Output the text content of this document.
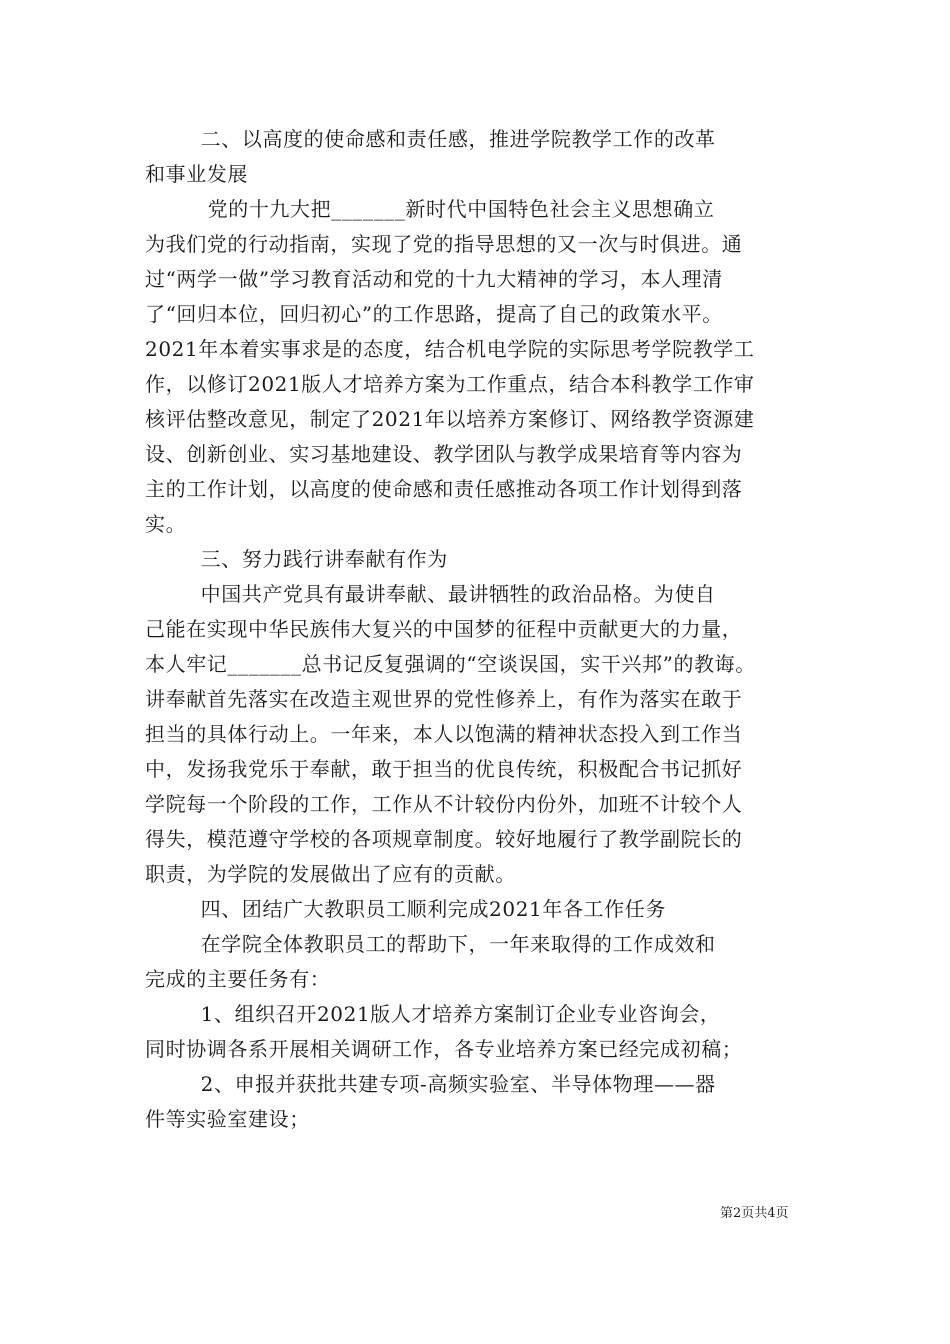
二、以高度的使命感和责任感，推进学院教学工作的改革
和事业发展
党的十九大把_______新时代中国特色社会主义思想确立
为我们党的行动指南，实现了党的指导思想的又一次与时俱进。通
过“两学一做”学习教育活动和党的十九大精神的学习，本人理清
了“回归本位，回归初心”的工作思路，提高了自己的政策水平。
2021年本着实事求是的态度，结合机电学院的实际思考学院教学工
作，以修订2021版人才培养方案为工作重点，结合本科教学工作审
核评估整改意见，制定了2021年以培养方案修订、网络教学资源建
设、创新创业、实习基地建设、教学团队与教学成果培育等内容为
主的工作计划，以高度的使命感和责任感推动各项工作计划得到落
实。
三、努力践行讲奉献有作为
中国共产党具有最讲奉献、最讲牺牲的政治品格。为使自
己能在实现中华民族伟大复兴的中国梦的征程中贡献更大的力量，
本人牢记_______总书记反复强调的“空谈误国，实干兴邦”的教诲。
讲奉献首先落实在改造主观世界的党性修养上，有作为落实在敢于
担当的具体行动上。一年来，本人以饱满的精神状态投入到工作当
中，发扬我党乐于奉献，敢于担当的优良传统，积极配合书记抓好
学院每一个阶段的工作，工作从不计较份内份外，加班不计较个人
得失，模范遵守学校的各项规章制度。较好地履行了教学副院长的
职责，为学院的发展做出了应有的贡献。
四、团结广大教职员工顺利完成2021年各工作任务
在学院全体教职员工的帮助下，一年来取得的工作成效和
完成的主要任务有：
1、组织召开2021版人才培养方案制订企业专业咨询会，
同时协调各系开展相关调研工作，各专业培养方案已经完成初稿；
2、申报并获批共建专项-高频实验室、半导体物理——器
件等实验室建设；
第2页共4页
